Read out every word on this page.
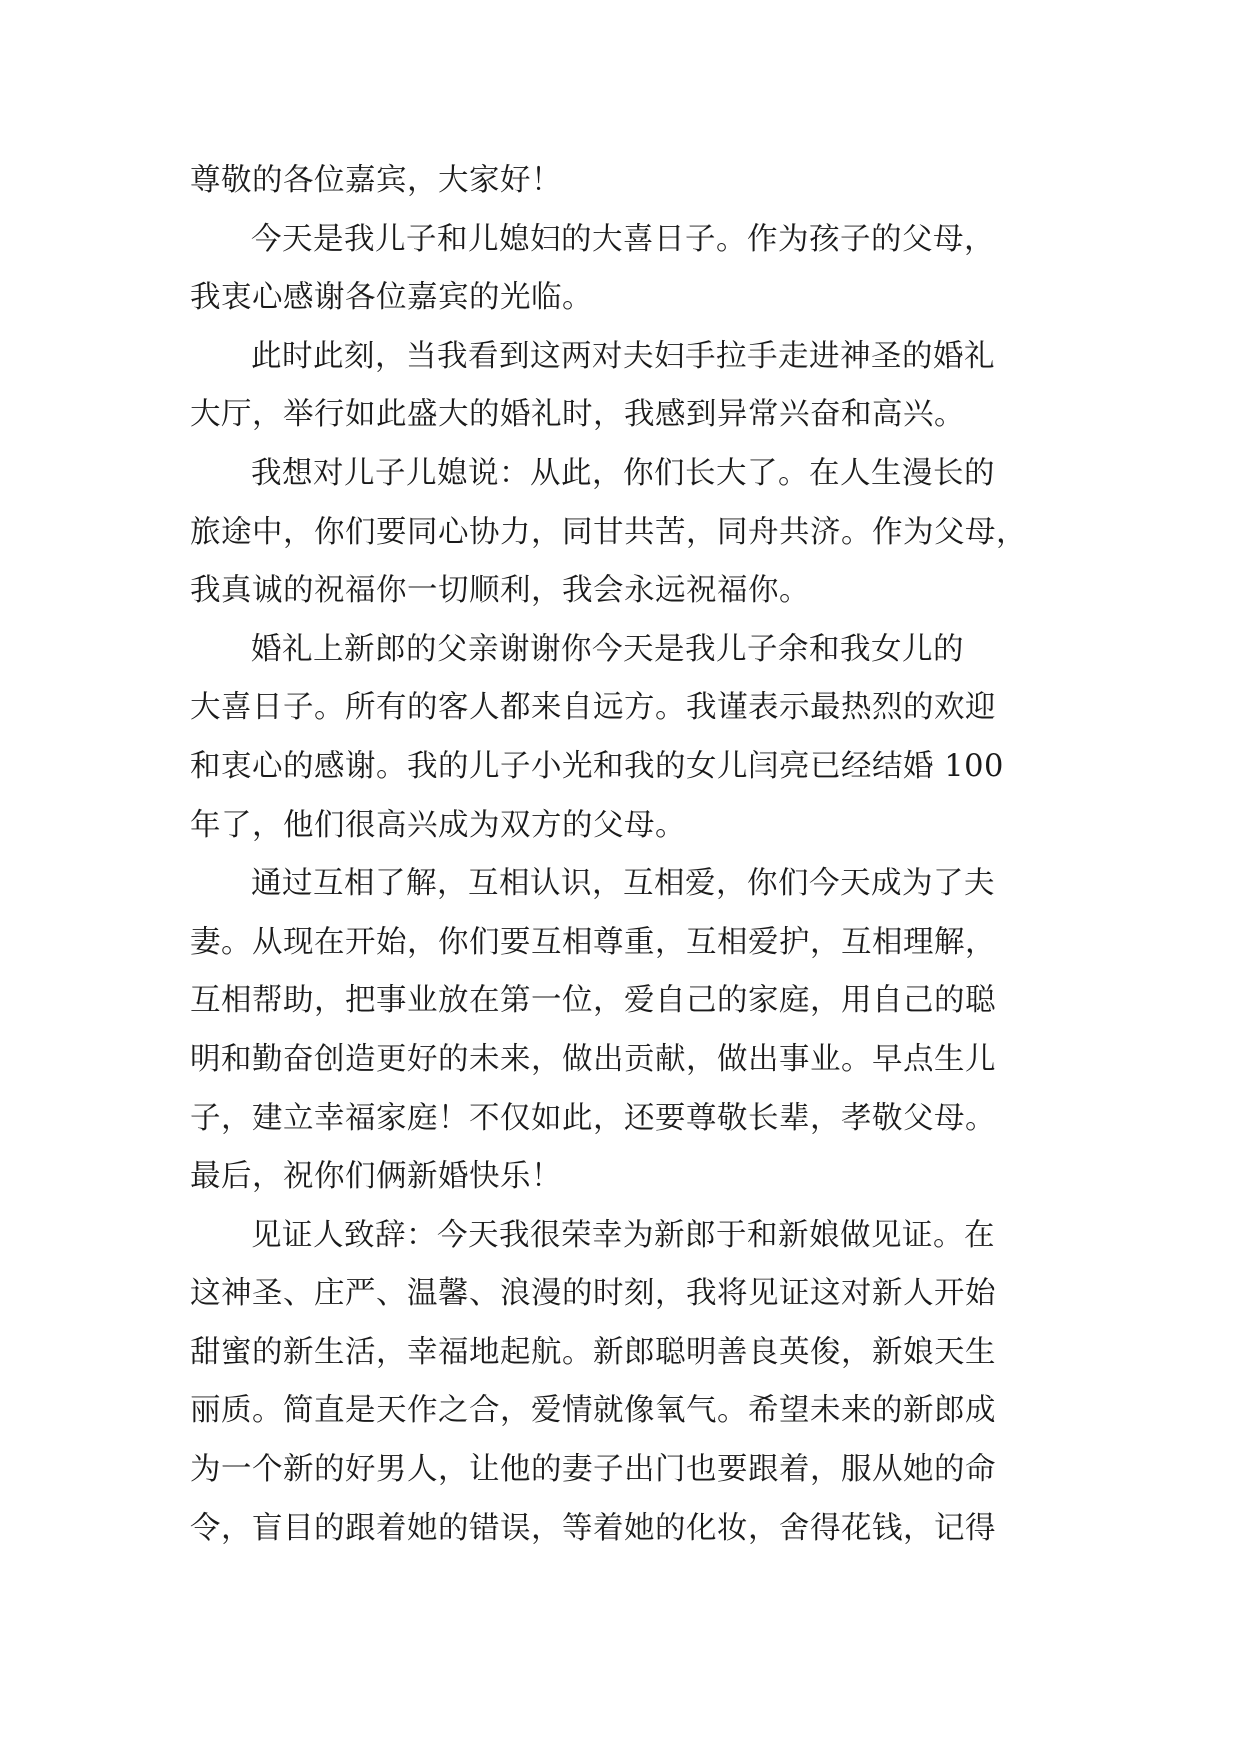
尊敬的各位嘉宾，大家好！

今天是我儿子和儿媳妇的大喜日子。作为孩子的父母，
我衷心感谢各位嘉宾的光临。

此时此刻，当我看到这两对夫妇手拉手走进神圣的婚礼
大厅，举行如此盛大的婚礼时，我感到异常兴奋和高兴。

我想对儿子儿媳说：从此，你们长大了。在人生漫长的
旅途中，你们要同心协力，同甘共苦，同舟共济。作为父母，
我真诚的祝福你一切顺利，我会永远祝福你。

婚礼上新郎的父亲谢谢你今天是我儿子余和我女儿的
大喜日子。所有的客人都来自远方。我谨表示最热烈的欢迎
和衷心的感谢。我的儿子小光和我的女儿闫亮已经结婚 100
年了，他们很高兴成为双方的父母。

通过互相了解，互相认识，互相爱，你们今天成为了夫
妻。从现在开始，你们要互相尊重，互相爱护，互相理解，
互相帮助，把事业放在第一位，爱自己的家庭，用自己的聪
明和勤奋创造更好的未来，做出贡献，做出事业。早点生儿
子，建立幸福家庭！不仅如此，还要尊敬长辈，孝敬父母。
最后，祝你们俩新婚快乐！

见证人致辞：今天我很荣幸为新郎于和新娘做见证。在
这神圣、庄严、温馨、浪漫的时刻，我将见证这对新人开始
甜蜜的新生活，幸福地起航。新郎聪明善良英俊，新娘天生
丽质。简直是天作之合，爱情就像氧气。希望未来的新郎成
为一个新的好男人，让他的妻子出门也要跟着，服从她的命
令，盲目的跟着她的错误，等着她的化妆，舍得花钱，记得
